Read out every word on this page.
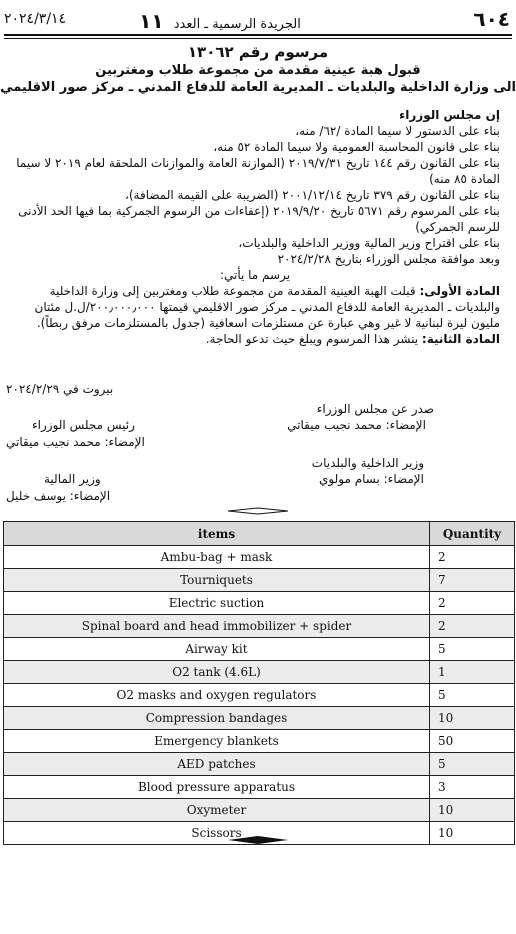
٦٠٤
الجريدة الرسمية ـ العدد ١١
٢٠٢٤/٣/١٤
مرسوم رقم ١٣٠٦٢
قبول هبة عينية مقدمة من مجموعة طلاب ومغتربين
الى وزارة الداخلية والبلديات ـ المديرية العامة للدفاع المدني ـ مركز صور الاقليمي

إن مجلس الوزراء

بناء على الدستور لا سيما المادة /٦٢/ منه،

بناء على قانون المحاسبة العمومية ولا سيما المادة ٥٢ منه،

بناء على القانون رقم ١٤٤ تاريخ ٢٠١٩/٧/٣١ (الموازنة العامة والموازنات الملحقة لعام ٢٠١٩ لا سيما المادة ٨٥ منه)

بناء على القانون رقم ٣٧٩ تاريخ ٢٠٠١/١٢/١٤ (الضريبة على القيمة المضافة)،

بناء على المرسوم رقم ٥٦٧١ تاريخ ٢٠١٩/٩/٢٠ (إعفاءات من الرسوم الجمركية بما فيها الحد الأدنى للرسم الجمركي)

بناء على اقتراح وزير المالية ووزير الداخلية والبلديات،

وبعد موافقة مجلس الوزراء بتاريخ ٢٠٢٤/٢/٢٨

يرسم ما يأتي:

المادة الأولى: قبلت الهبة العينية المقدمة من مجموعة طلاب ومغتربين إلى وزارة الداخلية والبلديات ـ المديرية العامة للدفاع المدني ـ مركز صور الاقليمي قيمتها ٢٠٠٫٠٠٠٫٠٠٠/ل.ل مئتان مليون ليرة لبنانية لا غير وهي عبارة عن مستلزمات اسعافية (جدول بالمستلزمات مرفق ربطاً).

المادة الثانية: ينشر هذا المرسوم ويبلغ حيث تدعو الحاجة.

بيروت في ٢٠٢٤/٢/٢٩
صدر عن مجلس الوزراء
الإمضاء: محمد نجيب ميقاتي
رئيس مجلس الوزراء
الإمضاء: محمد نجيب ميقاتي
وزير الداخلية والبلديات
الإمضاء: بسام مولوي
وزير المالية
الإمضاء: يوسف خليل
items	Quantity
Ambu-bag + mask	2
Tourniquets	7
Electric suction	2
Spinal board and head immobilizer + spider	2
Airway kit	5
O2 tank (4.6L)	1
O2 masks and oxygen regulators	5
Compression bandages	10
Emergency blankets	50
AED patches	5
Blood pressure apparatus	3
Oxymeter	10
Scissors	10
